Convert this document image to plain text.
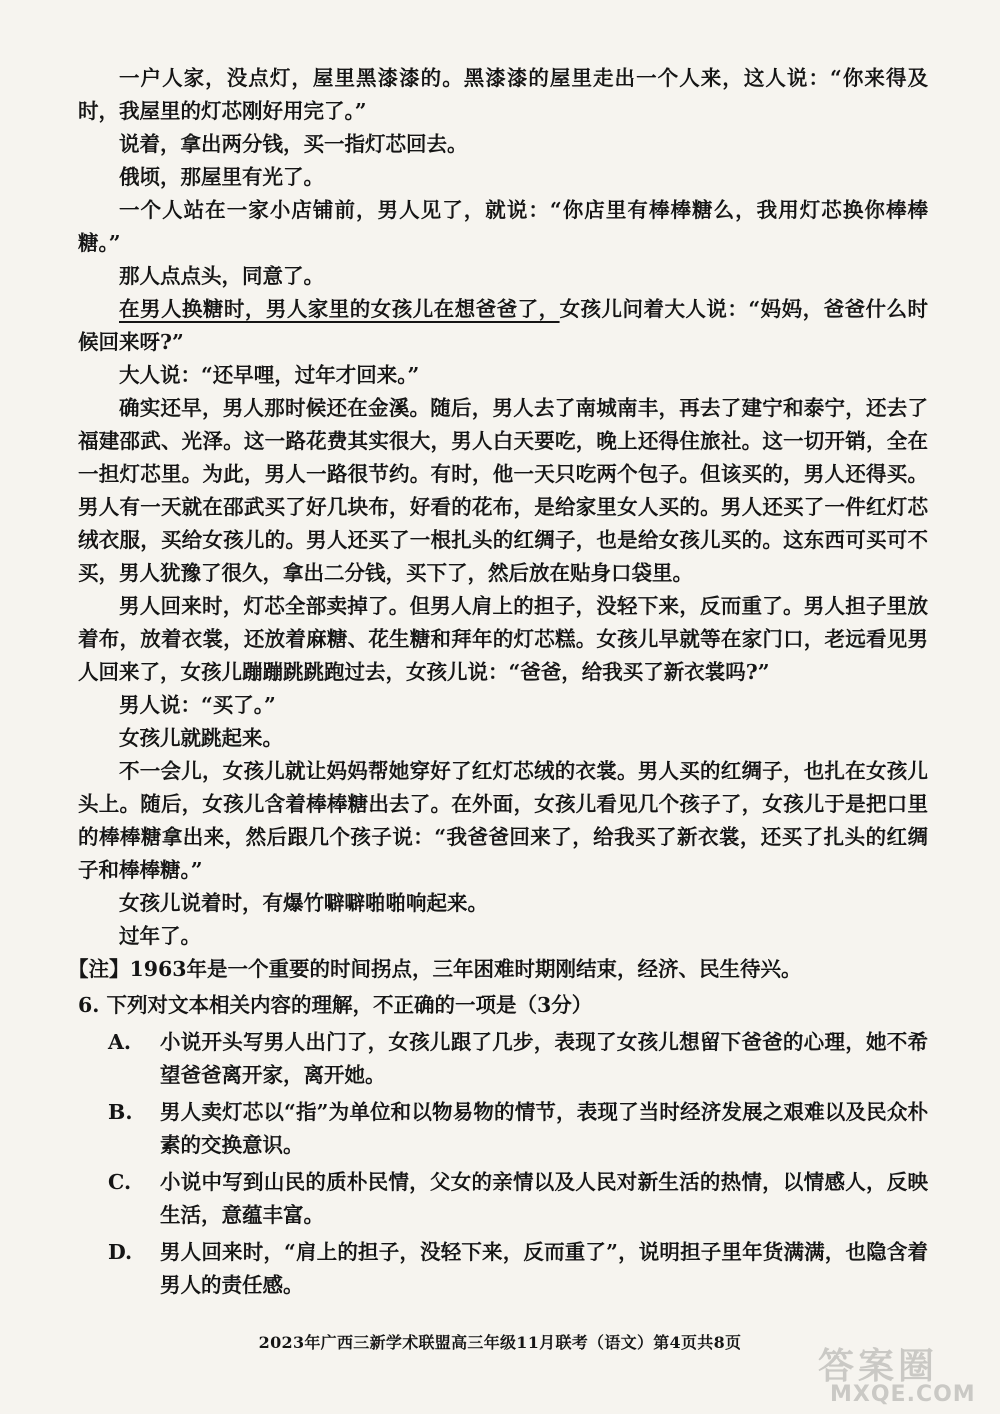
一户人家，没点灯，屋里黑漆漆的。黑漆漆的屋里走出一个人来，这人说：“你来得及时，我屋里的灯芯刚好用完了。”

说着，拿出两分钱，买一指灯芯回去。

俄顷，那屋里有光了。

一个人站在一家小店铺前，男人见了，就说：“你店里有棒棒糖么，我用灯芯换你棒棒糖。”

那人点点头，同意了。

在男人换糖时，男人家里的女孩儿在想爸爸了，女孩儿问着大人说：“妈妈，爸爸什么时候回来呀?”

大人说：“还早哩，过年才回来。”

确实还早，男人那时候还在金溪。随后，男人去了南城南丰，再去了建宁和泰宁，还去了福建邵武、光泽。这一路花费其实很大，男人白天要吃，晚上还得住旅社。这一切开销，全在一担灯芯里。为此，男人一路很节约。有时，他一天只吃两个包子。但该买的，男人还得买。男人有一天就在邵武买了好几块布，好看的花布，是给家里女人买的。男人还买了一件红灯芯绒衣服，买给女孩儿的。男人还买了一根扎头的红绸子，也是给女孩儿买的。这东西可买可不买，男人犹豫了很久，拿出二分钱，买下了，然后放在贴身口袋里。

男人回来时，灯芯全部卖掉了。但男人肩上的担子，没轻下来，反而重了。男人担子里放着布，放着衣裳，还放着麻糖、花生糖和拜年的灯芯糕。女孩儿早就等在家门口，老远看见男人回来了，女孩儿蹦蹦跳跳跑过去，女孩儿说：“爸爸，给我买了新衣裳吗?”

男人说：“买了。”

女孩儿就跳起来。

不一会儿，女孩儿就让妈妈帮她穿好了红灯芯绒的衣裳。男人买的红绸子，也扎在女孩儿头上。随后，女孩儿含着棒棒糖出去了。在外面，女孩儿看见几个孩子了，女孩儿于是把口里的棒棒糖拿出来，然后跟几个孩子说：“我爸爸回来了，给我买了新衣裳，还买了扎头的红绸子和棒棒糖。”

女孩儿说着时，有爆竹噼噼啪啪响起来。

过年了。

【注】1963年是一个重要的时间拐点，三年困难时期刚结束，经济、民生待兴。

6. 下列对文本相关内容的理解，不正确的一项是（3分）

A.	小说开头写男人出门了，女孩儿跟了几步，表现了女孩儿想留下爸爸的心理，她不希望爸爸离开家，离开她。
B.	男人卖灯芯以“指”为单位和以物易物的情节，表现了当时经济发展之艰难以及民众朴素的交换意识。
C.	小说中写到山民的质朴民情，父女的亲情以及人民对新生活的热情，以情感人，反映生活，意蕴丰富。
D.	男人回来时，“肩上的担子，没轻下来，反而重了”，说明担子里年货满满，也隐含着男人的责任感。
2023年广西三新学术联盟高三年级11月联考（语文）第4页共8页
答案圈
MXQE.COM
